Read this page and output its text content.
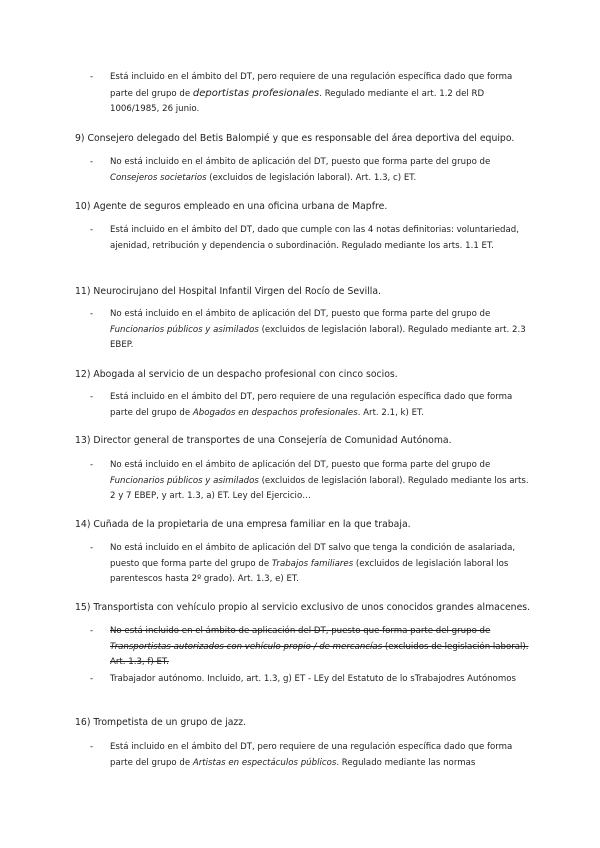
- Está incluido en el ámbito del DT, pero requiere de una regulación específica dado que forma parte del grupo de deportistas profesionales. Regulado mediante el art. 1.2 del RD 1006/1985, 26 junio.
9) Consejero delegado del Betis Balompié y que es responsable del área deportiva del equipo.
- No está incluido en el ámbito de aplicación del DT, puesto que forma parte del grupo de Consejeros societarios (excluidos de legislación laboral). Art. 1.3, c) ET.
10) Agente de seguros empleado en una oficina urbana de Mapfre.
- Está incluido en el ámbito del DT, dado que cumple con las 4 notas definitorias: voluntariedad, ajenidad, retribución y dependencia o subordinación. Regulado mediante los arts. 1.1 ET.
11) Neurocirujano del Hospital Infantil Virgen del Rocío de Sevilla.
- No está incluido en el ámbito de aplicación del DT, puesto que forma parte del grupo de Funcionarios públicos y asimilados (excluidos de legislación laboral). Regulado mediante art. 2.3 EBEP.
12) Abogada al servicio de un despacho profesional con cinco socios.
- Está incluido en el ámbito del DT, pero requiere de una regulación específica dado que forma parte del grupo de Abogados en despachos profesionales. Art. 2.1, k) ET.
13) Director general de transportes de una Consejería de Comunidad Autónoma.
- No está incluido en el ámbito de aplicación del DT, puesto que forma parte del grupo de Funcionarios públicos y asimilados (excluidos de legislación laboral). Regulado mediante los arts. 2 y 7 EBEP, y art. 1.3, a) ET. Ley del Ejercicio…
14) Cuñada de la propietaria de una empresa familiar en la que trabaja.
- No está incluido en el ámbito de aplicación del DT salvo que tenga la condición de asalariada, puesto que forma parte del grupo de Trabajos familiares (excluidos de legislación laboral los parentescos hasta 2º grado). Art. 1.3, e) ET.
15) Transportista con vehículo propio al servicio exclusivo de unos conocidos grandes almacenes.
- No está incluido en el ámbito de aplicación del DT, puesto que forma parte del grupo de Transportistas autorizados con vehículo propio / de mercancías (excluidos de legislación laboral). Art. 1.3, f) ET.
- Trabajador autónomo. Incluido, art. 1.3, g) ET - LEy del Estatuto de lo sTrabajodres Autónomos
16) Trompetista de un grupo de jazz.
- Está incluido en el ámbito del DT, pero requiere de una regulación específica dado que forma parte del grupo de Artistas en espectáculos públicos. Regulado mediante las normas
